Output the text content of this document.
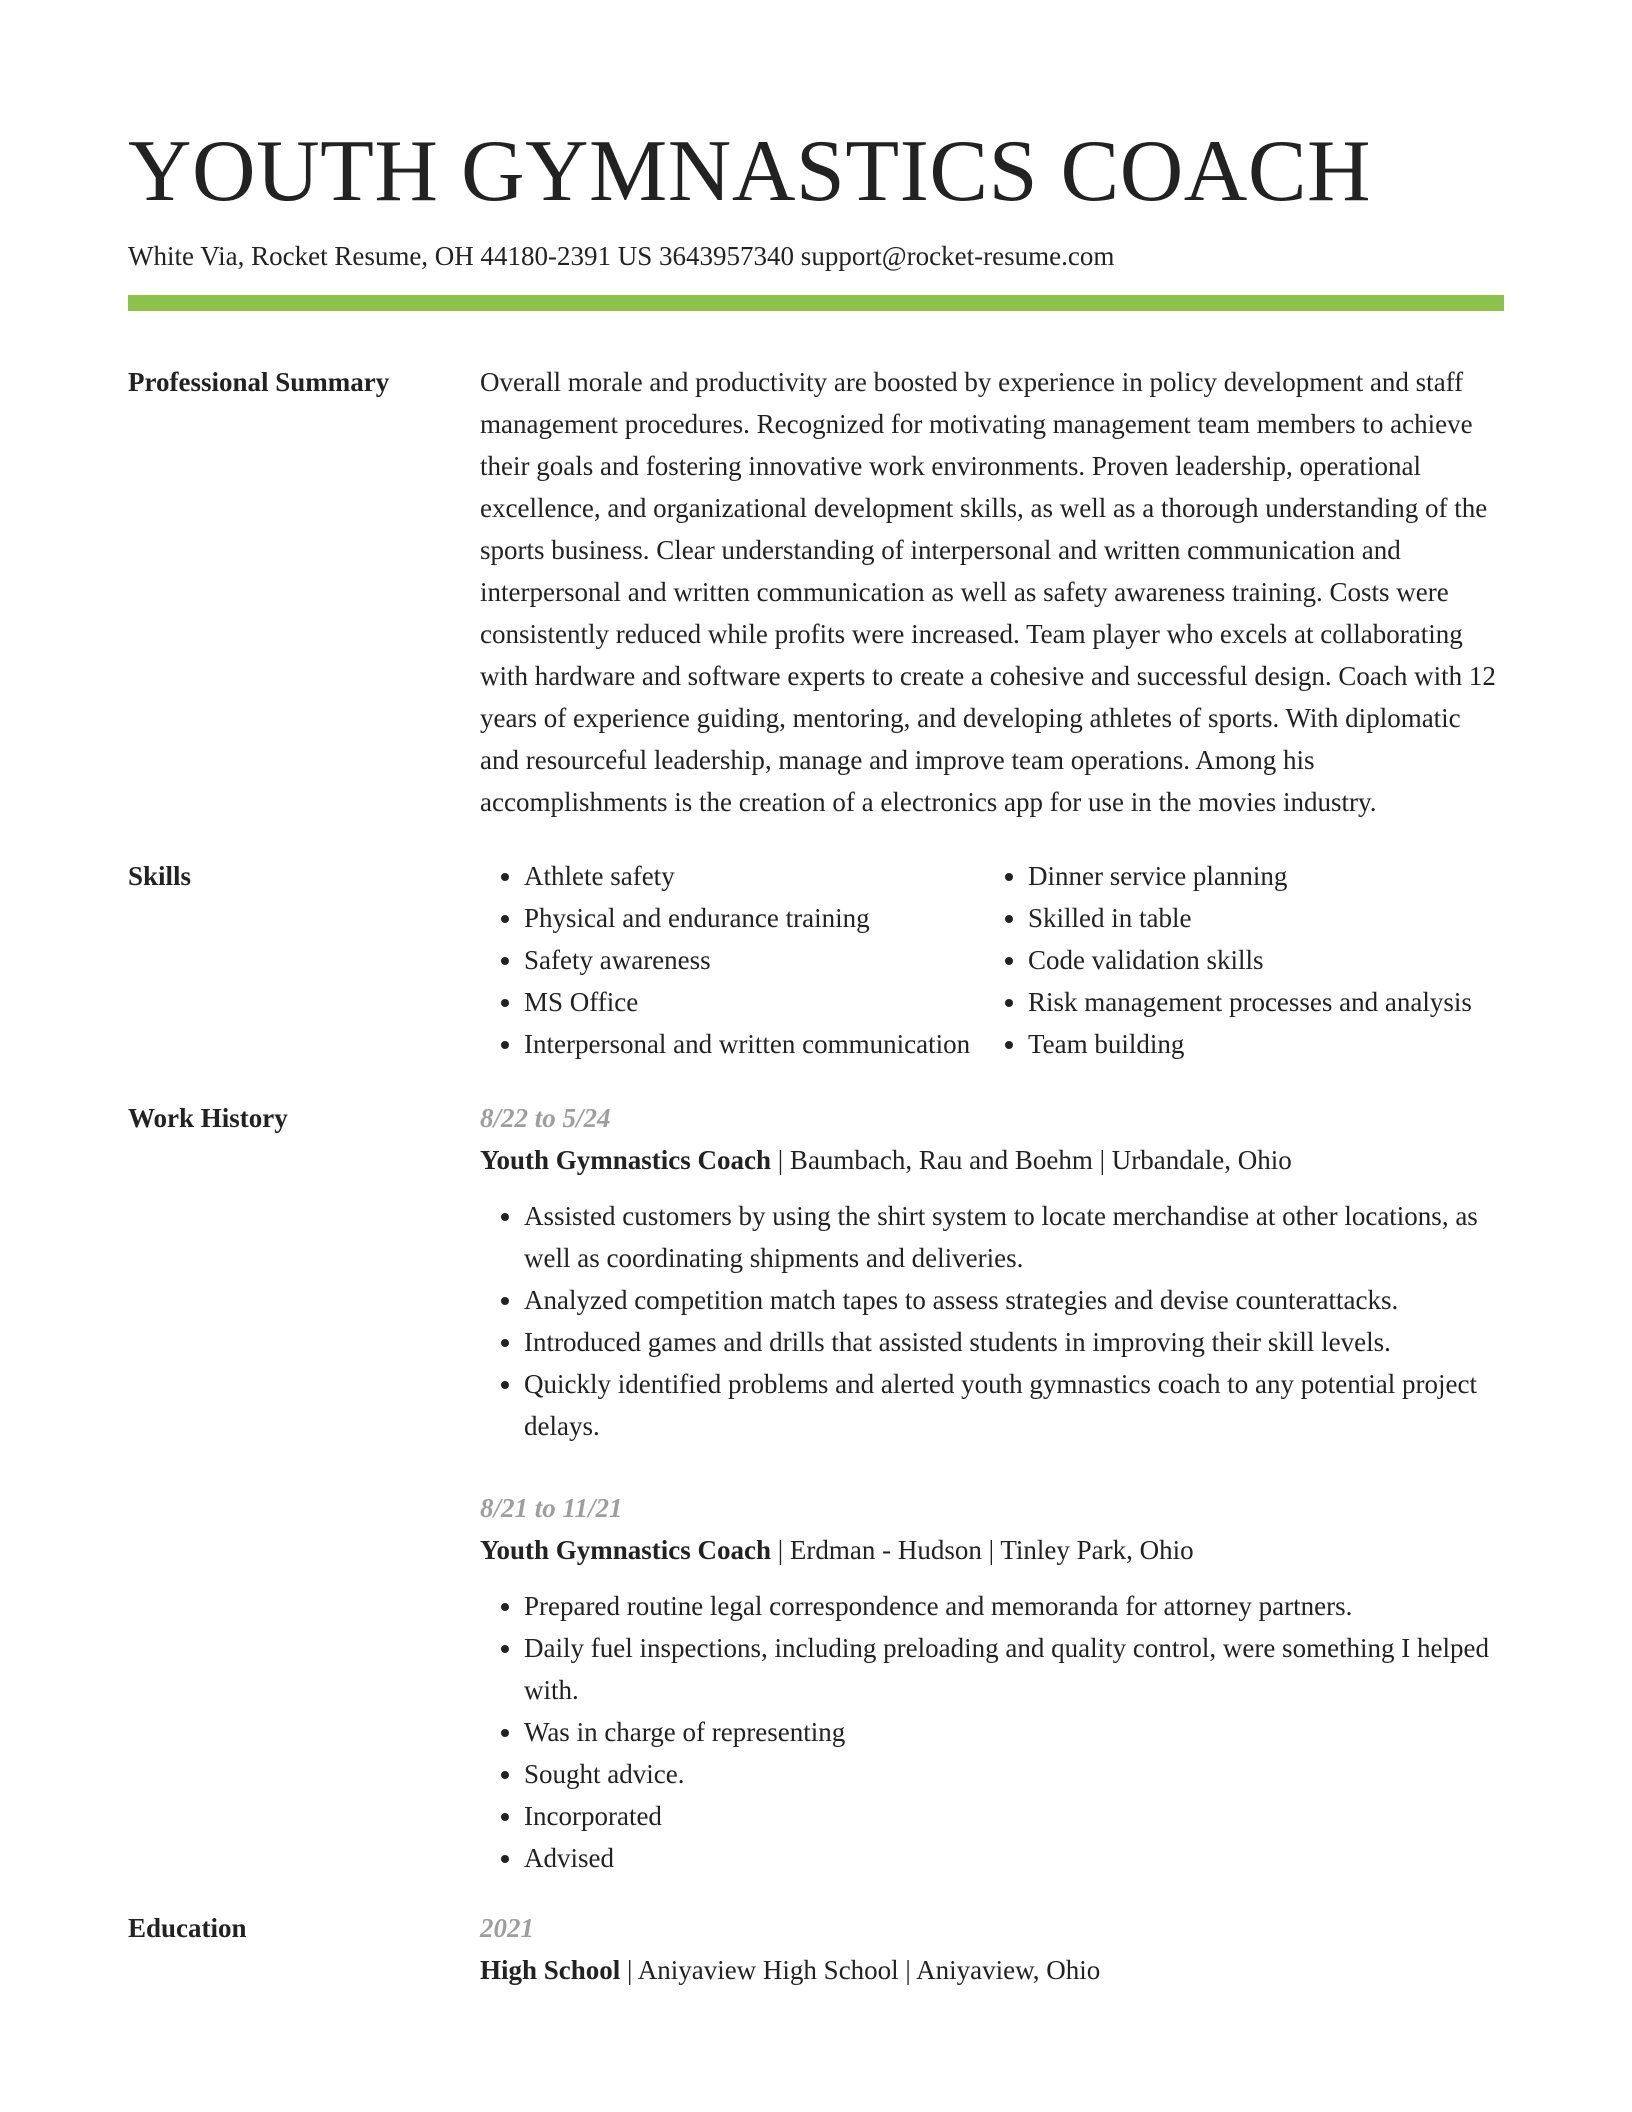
YOUTH GYMNASTICS COACH
White Via, Rocket Resume, OH 44180-2391 US 3643957340 support@rocket-resume.com
Professional Summary	Overall morale and productivity are boosted by experience in policy development and staff management procedures. Recognized for motivating management team members to achieve their goals and fostering innovative work environments. Proven leadership, operational excellence, and organizational development skills, as well as a thorough understanding of the sports business. Clear understanding of interpersonal and written communication and interpersonal and written communication as well as safety awareness training. Costs were consistently reduced while profits were increased. Team player who excels at collaborating with hardware and software experts to create a cohesive and successful design. Coach with 12 years of experience guiding, mentoring, and developing athletes of sports. With diplomatic and resourceful leadership, manage and improve team operations. Among his accomplishments is the creation of a electronics app for use in the movies industry.
Skills
•	Athlete safety
• Physical and endurance training
• Safety awareness
• MS Office
• Interpersonal and written communication
• Dinner service planning
• Skilled in table
• Code validation skills
• Risk management processes and analysis
• Team building
Work History	8/22 to 5/24
Youth Gymnastics Coach | Baumbach, Rau and Boehm | Urbandale, Ohio
• Assisted customers by using the shirt system to locate merchandise at other locations, as well as coordinating shipments and deliveries.
• Analyzed competition match tapes to assess strategies and devise counterattacks.
• Introduced games and drills that assisted students in improving their skill levels.
• Quickly identified problems and alerted youth gymnastics coach to any potential project delays.
8/21 to 11/21
Youth Gymnastics Coach | Erdman - Hudson | Tinley Park, Ohio
• Prepared routine legal correspondence and memoranda for attorney partners.
• Daily fuel inspections, including preloading and quality control, were something I helped with.
• Was in charge of representing
• Sought advice.
• Incorporated
• Advised
Education	2021
High School | Aniyaview High School | Aniyaview, Ohio
